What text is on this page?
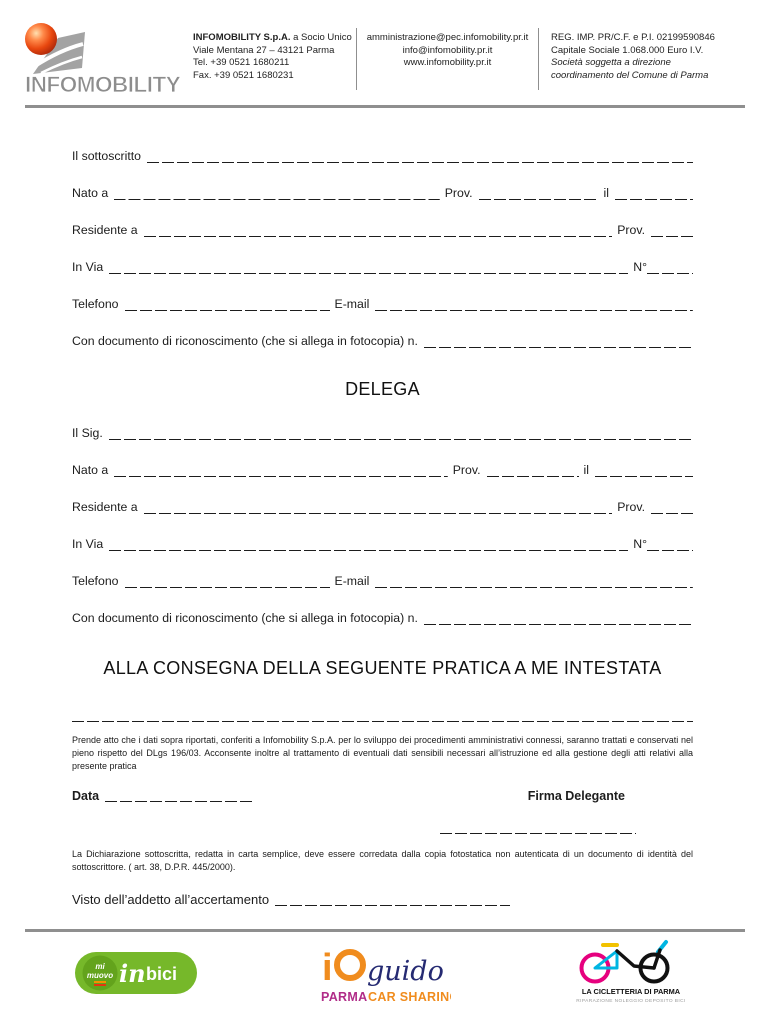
INFOMOBILITY
INFOMOBILITY S.p.A. a Socio Unico
Viale Mentana 27 – 43121 Parma
Tel. +39 0521 1680211
Fax. +39 0521 1680231
amministrazione@pec.infomobility.pr.it
info@infomobility.pr.it
www.infomobility.pr.it
REG. IMP. PR/C.F. e P.I. 02199590846
Capitale Sociale 1.068.000 Euro I.V.
Società soggetta a direzione
coordinamento del Comune di Parma
Il sottoscritto
Nato a	Prov.	il
Residente a	Prov.
In Via	N°
Telefono	E-mail
Con documento di riconoscimento (che si allega in fotocopia) n.
DELEGA
Il Sig.
Nato a	Prov.	il
Residente a	Prov.
In Via	N°
Telefono	E-mail
Con documento di riconoscimento (che si allega in fotocopia) n.
ALLA CONSEGNA DELLA SEGUENTE PRATICA A ME INTESTATA

Prende atto che i dati sopra riportati, conferiti a Infomobility S.p.A. per lo sviluppo dei procedimenti amministrativi connessi, saranno trattati e conservati nel pieno rispetto del DLgs 196/03. Acconsente inoltre al trattamento di eventuali dati sensibili necessari all’istruzione ed alla gestione degli atti relativi alla presente pratica

Data	Firma Delegante

La Dichiarazione sottoscritta, redatta in carta semplice, deve essere corredata dalla copia fotostatica non autenticata di un documento di identità del sottoscrittore. ( art. 38, D.P.R. 445/2000).

Visto dell’addetto all’accertamento
mi
muovo in bici	i guido
PARMA CAR SHARING	LA CICLETTERIA DI PARMA
RIPARAZIONE NOLEGGIO DEPOSITO BICI
